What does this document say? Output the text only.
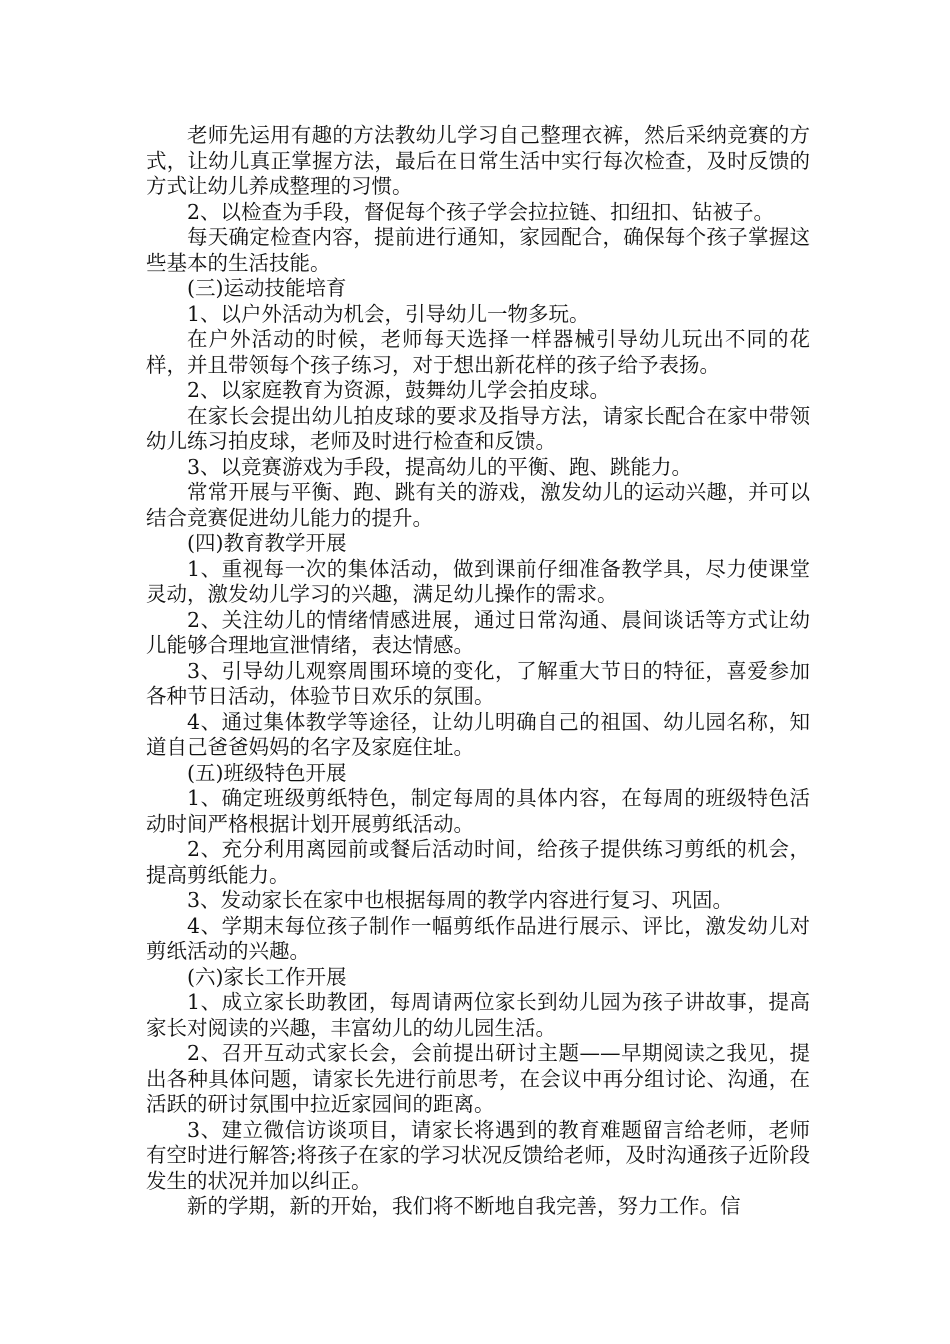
老师先运用有趣的方法教幼儿学习自己整理衣裤，然后采纳竞赛的方式，让幼儿真正掌握方法，最后在日常生活中实行每次检查，及时反馈的方式让幼儿养成整理的习惯。

2、以检查为手段，督促每个孩子学会拉拉链、扣纽扣、钻被子。

每天确定检查内容，提前进行通知，家园配合，确保每个孩子掌握这些基本的生活技能。

(三)运动技能培育

1、以户外活动为机会，引导幼儿一物多玩。

在户外活动的时候，老师每天选择一样器械引导幼儿玩出不同的花样，并且带领每个孩子练习，对于想出新花样的孩子给予表扬。

2、以家庭教育为资源，鼓舞幼儿学会拍皮球。

在家长会提出幼儿拍皮球的要求及指导方法，请家长配合在家中带领幼儿练习拍皮球，老师及时进行检查和反馈。

3、以竞赛游戏为手段，提高幼儿的平衡、跑、跳能力。

常常开展与平衡、跑、跳有关的游戏，激发幼儿的运动兴趣，并可以结合竞赛促进幼儿能力的提升。

(四)教育教学开展

1、重视每一次的集体活动，做到课前仔细准备教学具，尽力使课堂灵动，激发幼儿学习的兴趣，满足幼儿操作的需求。

2、关注幼儿的情绪情感进展，通过日常沟通、晨间谈话等方式让幼儿能够合理地宣泄情绪，表达情感。

3、引导幼儿观察周围环境的变化，了解重大节日的特征，喜爱参加各种节日活动，体验节日欢乐的氛围。

4、通过集体教学等途径，让幼儿明确自己的祖国、幼儿园名称，知道自己爸爸妈妈的名字及家庭住址。

(五)班级特色开展

1、确定班级剪纸特色，制定每周的具体内容，在每周的班级特色活动时间严格根据计划开展剪纸活动。

2、充分利用离园前或餐后活动时间，给孩子提供练习剪纸的机会，提高剪纸能力。

3、发动家长在家中也根据每周的教学内容进行复习、巩固。

4、学期末每位孩子制作一幅剪纸作品进行展示、评比，激发幼儿对剪纸活动的兴趣。

(六)家长工作开展

1、成立家长助教团，每周请两位家长到幼儿园为孩子讲故事，提高家长对阅读的兴趣，丰富幼儿的幼儿园生活。

2、召开互动式家长会，会前提出研讨主题——早期阅读之我见，提出各种具体问题，请家长先进行前思考，在会议中再分组讨论、沟通，在活跃的研讨氛围中拉近家园间的距离。

3、建立微信访谈项目，请家长将遇到的教育难题留言给老师，老师有空时进行解答;将孩子在家的学习状况反馈给老师，及时沟通孩子近阶段发生的状况并加以纠正。

新的学期，新的开始，我们将不断地自我完善，努力工作。信
